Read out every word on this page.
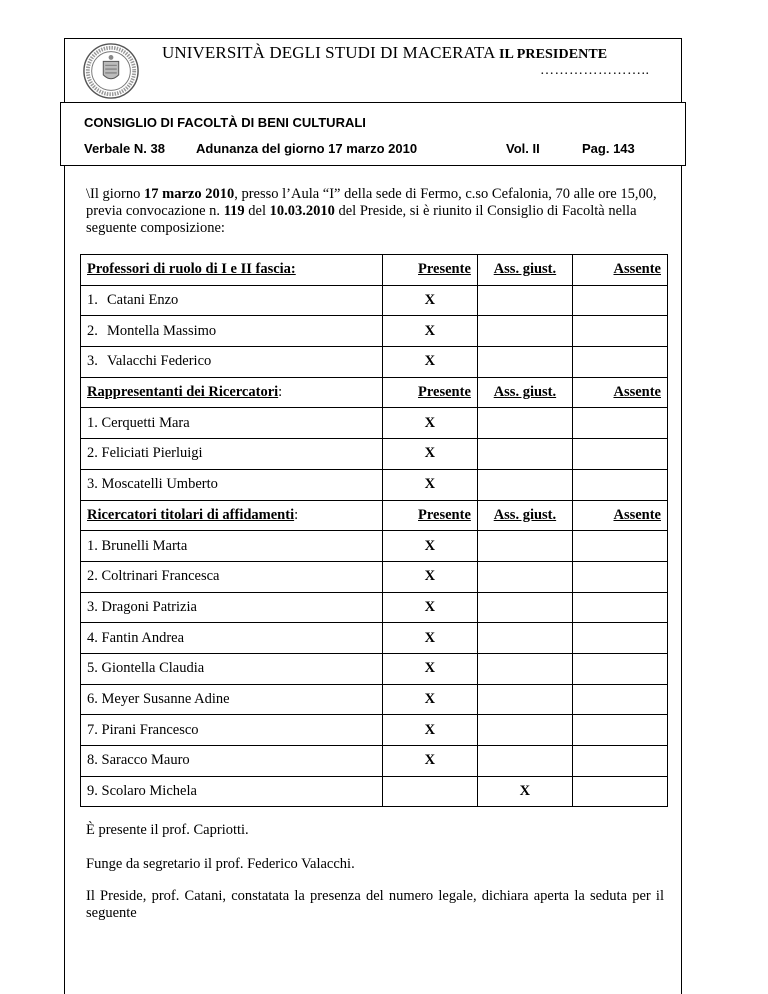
UNIVERSITÀ DEGLI STUDI DI MACERATA IL PRESIDENTE
…………………..
CONSIGLIO DI FACOLTÀ DI BENI CULTURALI
Verbale N. 38 Adunanza del giorno 17 marzo 2010	Vol. II	Pag. 143
\Il giorno 17 marzo 2010, presso l’Aula “I” della sede di Fermo, c.so Cefalonia, 70 alle ore 15,00, previa convocazione n. 119 del 10.03.2010 del Preside, si è riunito il Consiglio di Facoltà nella seguente composizione:
Professori di ruolo di I e II fascia:	Presente	Ass. giust.	Assente
1. Catani Enzo	X		
2. Montella Massimo	X		
3. Valacchi Federico	X		
Rappresentanti dei Ricercatori:	Presente	Ass. giust.	Assente
1. Cerquetti Mara	X		
2. Feliciati Pierluigi	X		
3. Moscatelli Umberto	X		
Ricercatori titolari di affidamenti:	Presente	Ass. giust.	Assente
1. Brunelli Marta	X		
2. Coltrinari Francesca	X		
3. Dragoni Patrizia	X		
4. Fantin Andrea	X		
5. Giontella Claudia	X		
6. Meyer Susanne Adine	X		
7. Pirani Francesco	X		
8. Saracco Mauro	X		
9. Scolaro Michela		X	
È presente il prof. Capriotti.
Funge da segretario il prof. Federico Valacchi.
Il Preside, prof. Catani, constatata la presenza del numero legale, dichiara aperta la seduta per il seguente
